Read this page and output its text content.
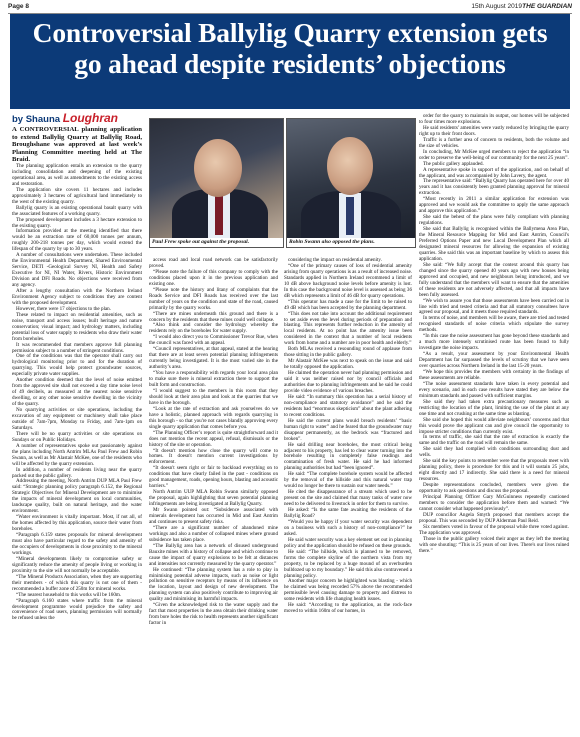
Page 8	15th August 2019 THE GUARDIAN
Controversial Ballylig Quarry extension gets
go ahead despite residents’ objections
by Shauna Loughran
Paul Frew spoke out against the proposal.	Robin Swann also opposed the plans.

A CONTROVERSIAL planning application to extend Ballylig Quarry at Ballylig Road, Broughshane was approved at last week’s Planning Committee meeting held at The Braid.

The planning application entails an extension to the quarry including consolidation and deepening of the existing operational area, as well as amendments to the existing access and restoration.

The application site covers 11 hectares and includes approximately 3 hectares of agricultural land immediately to the west of the existing quarry.

Ballylig quarry is an existing operational basalt quarry with the associated features of a working quarry.

The proposed development includes a 3 hectare extension to the existing quarry.

Information provided at the meeting identified that there would be an extraction rate of 60,000 tonnes per annum, roughly 200-218 tonnes per day, which would extend the lifespan of the quarry by up to 30 years.

A number of consultations were undertaken. These included the Environmental Health Department, Shared Environmental Service, DETI -Geological Survey NI, Health and Safety Executive for NI, NI Water, Rivers, Historic Environment Division and DFI Roads. No objections were received from any agency.

After a lengthy consultation with the Northern Ireland Environment Agency subject to conditions they are content with the proposed development.

However, there were 17 objections to the plan.

These related to impact on residential amenities, such as noise, transport and access issues; built heritage and nature conservation; visual impact; and hydrology matters, including potential loss of water supply to residents who draw their water from boreholes.

It was recommended that members approve full planning permission subject to a number of stringent conditions.

One of the conditions was that the operator shall carry out hydrological monitoring prior to and for the duration of quarrying. This would help protect groundwater sources, especially private water supplies.

Another condition deemed that the level of noise emitted from the approved site shall not exceed a day time noise level of 49 decibels, as measured at the nearest noise sensitive dwelling, or any other noise sensitive dwelling in the vicinity of the quarry.

No quarrying activities or site operations, including the excavation of any equipment or machinery shall take place outside of 7am-7pm, Monday to Friday, and 7am-1pm on Saturdays.

There will be no quarry activities or site operations on Sundays or on Public Holidays.

A number of representatives spoke out passionately against the plans including North Antrim MLAs Paul Frew and Robin Swann, as well as Mr Alastair McKee, one of the residents who will be affected by the quarry extension.

In addition, a number of residents living near the quarry packed out the public gallery.

Addressing the meeting, North Antrim DUP MLA Paul Frew said: “Strategic planning policy paragraph 6.152, the Regional Strategic Objectives for Mineral Development are to minimise the impacts of mineral development on local communities, landscape quality, built on natural heritage, and the water environment.

“Water environment is vitally important. Most, if not all, of the homes affected by this application, source their water from boreholes.

“Paragraph 6.159 states proposals for mineral development must also have particular regard to the safety and amenity of the occupiers of developments in close proximity to the mineral workings.

“Mineral developments likely to compromise safety or significantly reduce the amenity of people living or working in proximity to the site will not normally be acceptable.

“The Mineral Products Association, when they are supporting their members - of which this quarry is not one of them - recommended a buffer zone of 250m for mineral works.

“The nearest household to this works will be 160m.

“Paragraph 6.160 states where traffic from the mineral development programme would prejudice the safety and convenience of road users, planning permission will normally be refused unless the

access road and local road network can be satisfactorily proved.

“Please note the failure of this company to comply with the conditions placed upon it in the previous application and existing one.

“Please note the history and litany of complaints that the Roads Service and DFI Roads has received over the last number of years on the condition and state of the road, caused primarily by the quarry works.

“There are mines underneath this ground and there is a concern by the residents that these mines could well collapse.

“Also think and consider the hydrology whereby the residents rely on the boreholes for water supply.

“I would also direct you to Commissioner Trevor Rue, when the council was faced with an appeal.

“Council representatives, at that appeal, stated at the hearing that there are at least seven potential planning infringements currently being investigated. It is the most varied site in the authority’s area.

“You have a responsibility with regards your local area plan to make sure there is mineral extraction there to support the built form and construction.

“I would suggest to the members in this room that they should look at their area plan and look at the quarries that we have in the borough.

“Look at the rate of extraction and ask yourselves do we have a holistic, planned approach with regards quarrying in this borough - so that you're not cases blandly approving every single quarry application that comes before you.

“The Planning Officer’s report is quite straightforward and it does not mention the recent appeal, refusal, dismissals or the history of the site or operation.

“It doesn't mention how close the quarry will come to homes. It doesn't mention current investigations by enforcement.

“It doesn't seem right or fair to backload everything on to conditions that have clearly failed in the past - conditions on good management, roads, opening hours, blasting and acoustic barriers.”

North Antrim UUP MLA Robin Swann similarly opposed the proposal, again highlighting that seven potential planning infringements are being investigated at Ballylig Quarry.

Mr Swann pointed out: “Subsidence associated with minerals development has occurred in Mid and East Antrim and continues to present safety risks.

“There are a significant number of abandoned mine workings and also a number of collapsed mines where ground subsidence has taken place.

“The Ballylig area has a network of disused underground Bauxite mines with a history of collapse and which continue to cause the impact of quarry explosions to be felt at distances and intensities not currently measured by the quarry operator.”

He continued: “The planning system has a role to play in minimising potential adverse impacts, such as noise or light pollution on sensitive receptors by means of its influence on the location, layout and design of new development. The planning system can also positively contribute to improving air quality and minimising its harmful impacts.

“Given the acknowledged risk to the water supply and the fact that most properties in the area obtain their drinking water from bore holes the risk to health represents another significant factor in

considering the impact on residential amenity.

“One of the primary causes of loss of residential amenity arising from quarry operations is as a result of increased noise. Standards applied in Northern Ireland recommend a limit of 10 dB above background noise levels before amenity is lost. In this case the background noise level is assessed as being 36 dB which represents a limit of 46 dB for quarry operations.

“This operator has made a case for the limit to be raised to 49 dB which has been accepted by the planning department.

“This does not take into account the additional requirement to set aside even the level during periods of preparation and blasting. This represents further reduction in the amenity of local residents. At no point has the amenity issue been considered in the context that a number of local residents work from home and a number are in poor health and elderly.”

Both MLAs received a resounding round of applause from those sitting in the public gallery.

Mr Alastair McKee was next to speak on the issue and said he totally opposed the application.

He claimed the operation never had planning permission and said it was neither raised nor by council officials and authorities due to planning infringements and he said he could provide video evidence of various breaches.

He said: “In summary this operation has a serial history of non-compliance and statutory avoidance” and he said the residents had “enormous skepticism” about the plant adhering to recent conditions.

He said the current plans would breach residents’ “basic human right to water” and he feared that the groundwater may disappear permanently, as the bedrock was “fractured and broken”.

He said drilling near boreholes, the most critical being adjacent to his property, has led to clear water turning into the borehole resulting in completely false readings and contamination of fresh water. He said he had informed planning authorities but had “been ignored”.

He said: “The complete borehole system would be affected by the removal of the hillside and this natural water trap would no longer be there to sustain our water needs.”

He cited the disappearance of a stream which used to be present on the site and claimed that many tanks of water now need to be delivered to livestock in order for them to survive.

He asked: “Is the same fate awaiting the residents of the Ballylig Road?

“Would you be happy if your water security was dependent on a business with such a history of non-compliance?” he asked.

He said water security was a key element set out in planning policy and the application should be refused on these grounds.

He said: “The hillside, which is planned to be removed, forms the complete skyline of the northern vista from my property, to be replaced by a huge mound of an overburden bulldozed up to my boundary.” He said this also contravened a planning policy.

Another major concern he highlighted was blasting - which he claimed was being recorded 57% above the recommended permissible level causing damage to property and distress to some residents with life changing health issues.

He said: “According to the application, as the rock-face moved to within 160m of our homes, in

order for the quarry to maintain its output, our homes will be subjected to four times more explosions.

He said residents’ amenities were vastly reduced by bringing the quarry right up to their front doors.

Traffic is a further area of concern to residents, both the volume and the size of vehicles.

In concluding, Mr McKee urged members to reject the application “in order to preserve the well-being of our community for the next 25 years”.

The public gallery applauded.

A representative spoke in support of the application, and on behalf of the applicant, and was accompanied by John Lavery, the agent.

The representative said: “Ballylig Quarry has operated here for over 40 years and it has consistently been granted planning approval for mineral extraction.

“Most recently in 2011 a similar application for extension was approved and we would ask the committee to apply the same approach and approve this application.”

She said the behest of the plans were fully compliant with planning regulations.

She said that Ballylig is recognised within the Ballymena Area Plan, the Mineral Resource Mapping for Mid and East Antrim, Council's Preferred Options Paper and new Local Development Plan which all designated mineral resources for allowing the expansion of existing quarries. She said this was an important baseline by which to assess this application.

She said: “We fully accept that the context around this quarry has changed since the quarry opened 40 years ago with new houses being approved and occupied, and new neighbours being introduced, and we fully understand that the members will want to ensure that the amenities of these residents are not adversely affected, and that all impacts have been fully assessed.

“We wish to assure you that those assessments have been carried out in line with tried and tested criteria and that all statutory consultees have agreed our proposal, and it meets those required standards.

In terms of noise, and members will be aware, there are tried and tested recognised standards of noise criteria which stipulate the survey methods.

“In this case the noise assessment has gone beyond these standards and a much more intensely scrutinised route has been found to fully investigate the noise impacts.

“As a result, your assessment by your Environmental Health Department has far surpassed the levels of scrutiny that we have seen over quarries across Northern Ireland in the last 15-20 years.

“We hope this provides the members with certainty in the findings of these assessments are reliable.

“The noise assessment standards have taken in every potential and every scenario, and in each case results have stated they are below the minimum standards and passed with sufficient margins.

She said they had taken extra precautionary measures such as restricting the location of the plant, limiting the use of the plant at any one time and not crushing at the same time as blasting.

She said she hoped this would alleviate neighbours’ concerns and that this would prove the applicant can and give council the opportunity to impose stricter conditions than currently exist.

In terms of traffic, she said that the rate of extraction is exactly the same and the traffic on the road will remain the same.

She said they had complied with conditions surrounding dust and wells.

She said the key points to remember were that the proposals meet with planning policy, there is procedure for this and it will sustain 25 jobs, eight directly and 17 indirectly. She said there is a need for mineral resources.

Despite representations concluded, members were given the opportunity to ask questions and discuss the proposal.

Principal Planning Officer Gary McGuinness repeatedly cautioned members to consider the application before them and warned: “We cannot consider what happened previously”.

DUP councillor Angela Smyth proposed that members accept the proposal. This was seconded by DUP Alderman Paul Reid.

Six members voted in favour of the proposal while three voted against. The application was approved.

Those in the public gallery voiced their anger as they left the meeting with one shouting: “This is 25 years of our lives. There's our lives ruined there.”
